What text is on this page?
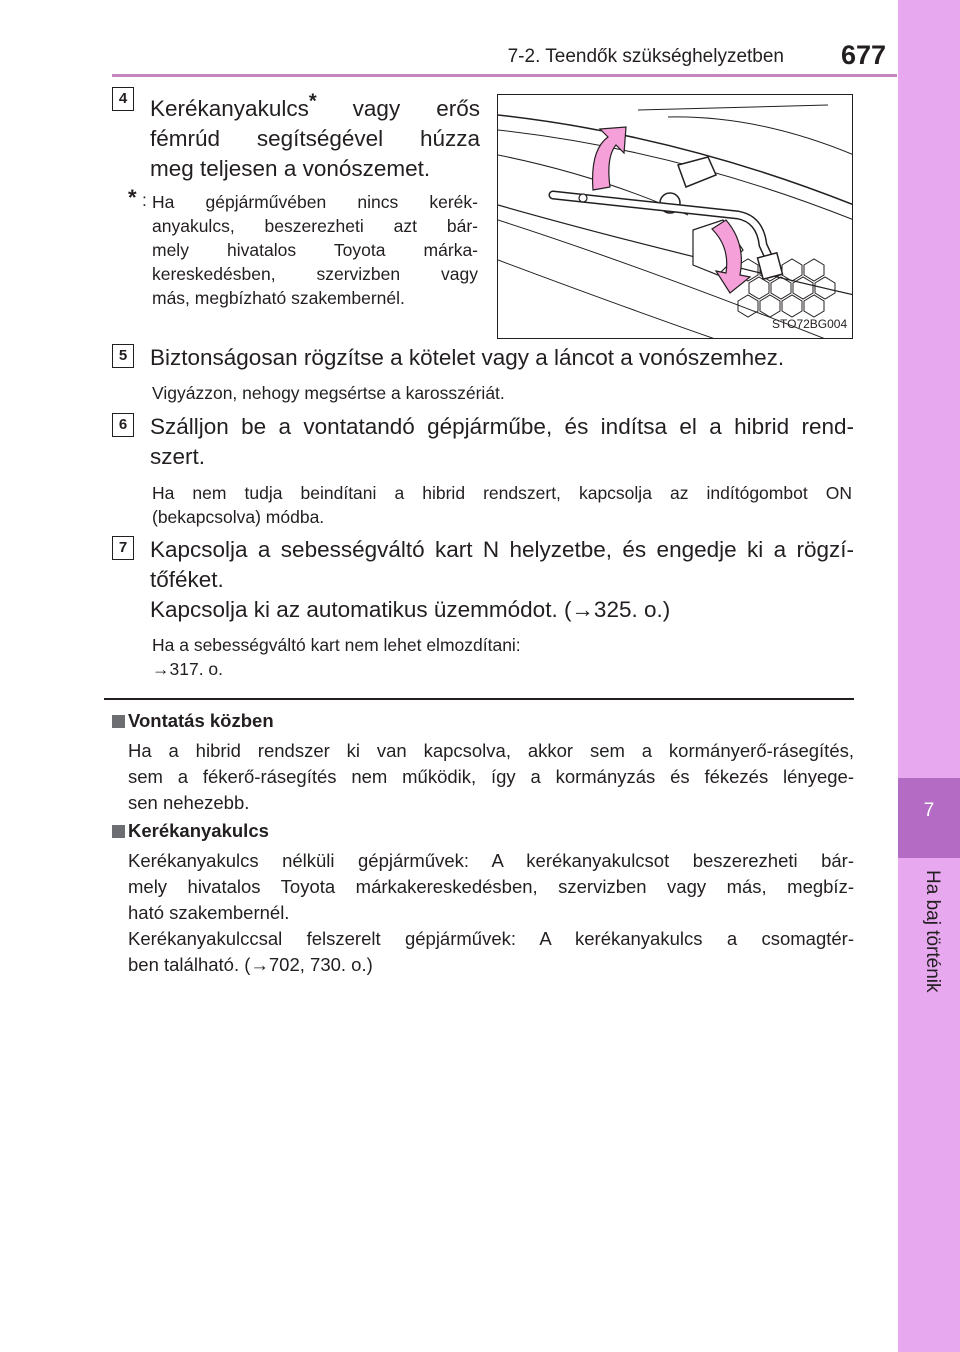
7-2. Teendők szükséghelyzetben	677
7
Ha baj történik
4	Kerékanyakulcs* vagy erős
fémrúd segítségével húzza
meg teljesen a vonószemet.
* : Ha gépjárművében nincs kerék-
anyakulcs, beszerezheti azt bár-
mely hivatalos Toyota márka-
kereskedésben, szervizben vagy
más, megbízható szakembernél.
STO72BG004
5	Biztonságosan rögzítse a kötelet vagy a láncot a vonószemhez.
Vigyázzon, nehogy megsértse a karosszériát.
6	Szálljon be a vontatandó gépjárműbe, és indítsa el a hibrid rend-
szert.
Ha nem tudja beindítani a hibrid rendszert, kapcsolja az indítógombot ON
(bekapcsolva) módba.
7	Kapcsolja a sebességváltó kart N helyzetbe, és engedje ki a rögzí-
tőféket.
Kapcsolja ki az automatikus üzemmódot. (→325. o.)
Ha a sebességváltó kart nem lehet elmozdítani:
→317. o.
Vontatás közben
Ha a hibrid rendszer ki van kapcsolva, akkor sem a kormányerő-rásegítés,
sem a fékerő-rásegítés nem működik, így a kormányzás és fékezés lényege-
sen nehezebb.
Kerékanyakulcs
Kerékanyakulcs nélküli gépjárművek: A kerékanyakulcsot beszerezheti bár-
mely hivatalos Toyota márkakereskedésben, szervizben vagy más, megbíz-
ható szakembernél.
Kerékanyakulccsal felszerelt gépjárművek: A kerékanyakulcs a csomagtér-
ben található. (→702, 730. o.)
